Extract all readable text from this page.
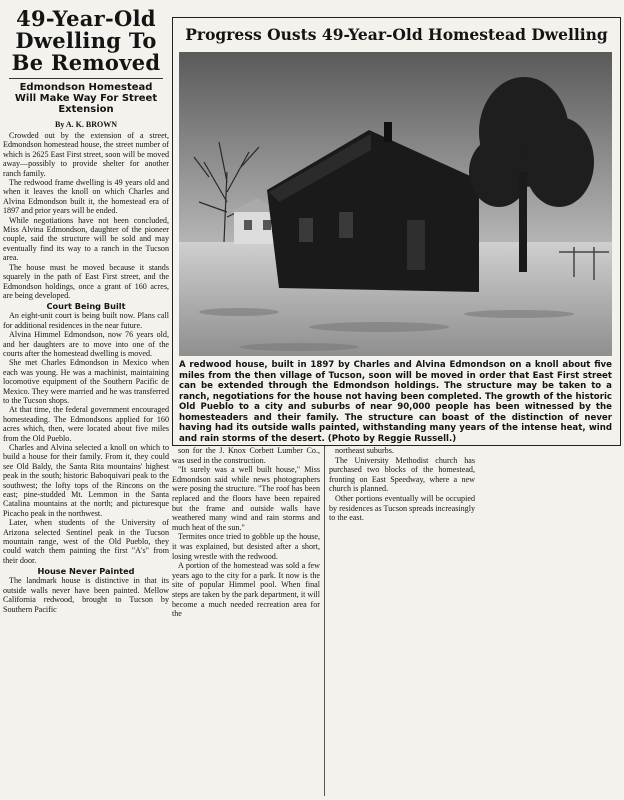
49-Year-Old Dwelling To Be Removed
Edmondson Homestead Will Make Way For Street Extension
By A. K. BROWN

Crowded out by the extension of a street, Edmondson homestead house, the street number of which is 2625 East First street, soon will be moved away—possibly to provide shelter for another ranch family.

The redwood frame dwelling is 49 years old and when it leaves the knoll on which Charles and Alvina Edmondson built it, the homestead era of 1897 and prior years will be ended.

While negotiations have not been concluded, Miss Alvina Edmondson, daughter of the pioneer couple, said the structure will be sold and may eventually find its way to a ranch in the Tucson area.

The house must be moved because it stands squarely in the path of East First street, and the Edmondson holdings, once a grant of 160 acres, are being developed.

Court Being Built

An eight-unit court is being built now. Plans call for additional residences in the near future.

Alvina Himmel Edmondson, now 76 years old, and her daughters are to move into one of the courts after the homestead dwelling is moved.

She met Charles Edmondson in Mexico when each was young. He was a machinist, maintaining locomotive equipment of the Southern Pacific de Mexico. They were married and he was transferred to the Tucson shops.

At that time, the federal government encouraged homesteading. The Edmondsons applied for 160 acres which, then, were located about five miles from the Old Pueblo.

Charles and Alvina selected a knoll on which to build a house for their family. From it, they could see Old Baldy, the Santa Rita mountains' highest peak in the south; historic Baboquivari peak to the southwest; the lofty tops of the Rincons on the east; pine-studded Mt. Lemmon in the Santa Catalina mountains at the north; and picturesque Picacho peak in the northwest.

Later, when students of the University of Arizona selected Sentinel peak in the Tucson mountain range, west of the Old Pueblo, they could watch them painting the first "A's" from their door.

House Never Painted

The landmark house is distinctive in that its outside walls never have been painted. Mellow California redwood, brought to Tucson by Southern Pacific

Progress Ousts 49-Year-Old Homestead Dwelling
A redwood house, built in 1897 by Charles and Alvina Edmondson on a knoll about five miles from the then village of Tucson, soon will be moved in order that East First street can be extended through the Edmondson holdings. The structure may be taken to a ranch, negotiations for the house not having been completed. The growth of the historic Old Pueblo to a city and suburbs of near 90,000 people has been witnessed by the homesteaders and their family. The structure can boast of the distinction of never having had its outside walls painted, withstanding many years of the intense heat, wind and rain storms of the desert. (Photo by Reggie Russell.)

son for the J. Knox Corbett Lumber Co., was used in the construction.

"It surely was a well built house," Miss Edmondson said while news photographers were posing the structure. "The roof has been replaced and the floors have been repaired but the frame and outside walls have weathered many wind and rain storms and much heat of the sun."

Termites once tried to gobble up the house, it was explained, but desisted after a short, losing wrestle with the redwood.

A portion of the homestead was sold a few years ago to the city for a park. It now is the site of popular Himmel pool. When final steps are taken by the park department, it will become a much needed recreation area for the

northeast suburbs.

The University Methodist church has purchased two blocks of the homestead, fronting on East Speedway, where a new church is planned.

Other portions eventually will be occupied by residences as Tucson spreads increasingly to the east.
